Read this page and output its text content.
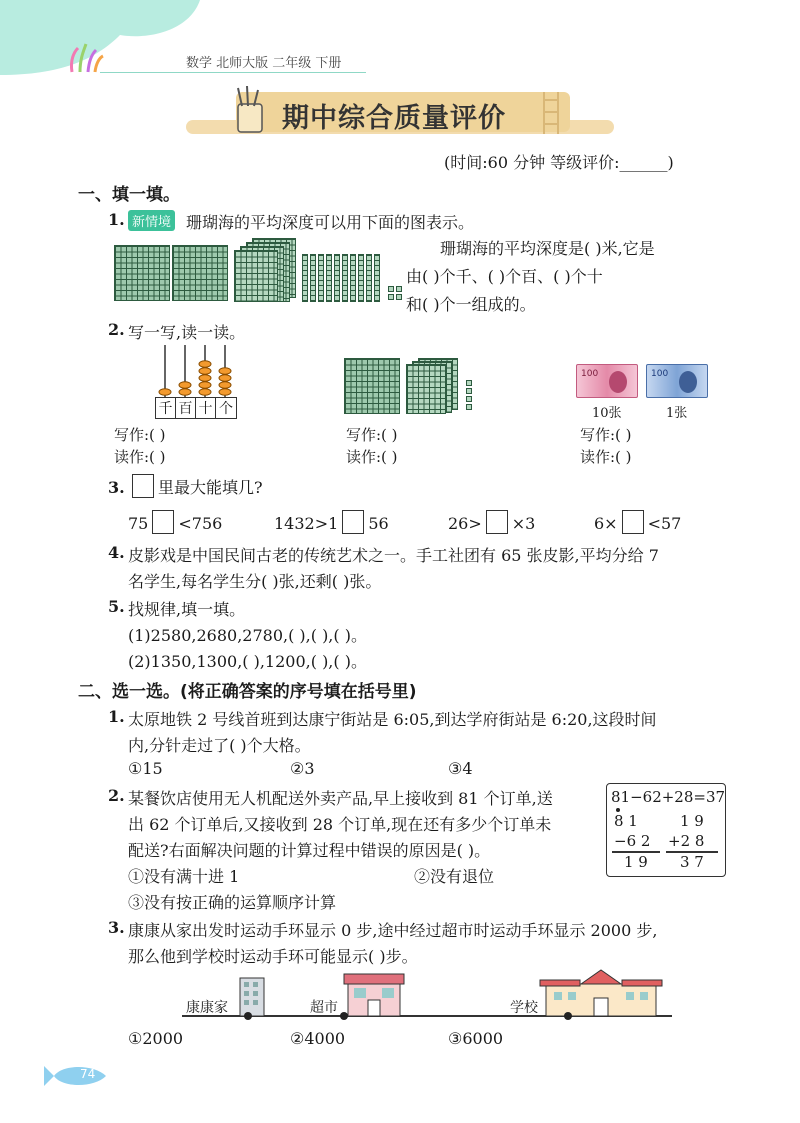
数学 北师大版 二年级 下册
期中综合质量评价
(时间:60 分钟 等级评价:______)
一、填一填。
1. 新情境 珊瑚海的平均深度可以用下面的图表示。
珊瑚海的平均深度是( )米,它是
由( )个千、( )个百、( )个十
和( )个一组成的。
2. 写一写,读一读。
千 百 十 个
写作:( )
读作:( )
写作:( )
读作:( )
100	100
10张	1张
写作:( )
读作:( )
3.	里最大能填几?
75 <756	1432>1 56	26> ×3	6× <57
4. 皮影戏是中国民间古老的传统艺术之一。手工社团有 65 张皮影,平均分给 7
名学生,每名学生分( )张,还剩( )张。
5. 找规律,填一填。
(1)2580,2680,2780,( ),( ),( )。
(2)1350,1300,( ),1200,( ),( )。
二、选一选。(将正确答案的序号填在括号里)
1. 太原地铁 2 号线首班到达康宁街站是 6:05,到达学府街站是 6:20,这段时间
内,分针走过了( )个大格。
①15	②3	③4
2. 某餐饮店使用无人机配送外卖产品,早上接收到 81 个订单,送
出 62 个订单后,又接收到 28 个订单,现在还有多少个订单未
配送?右面解决问题的计算过程中错误的原因是( )。
①没有满十进 1	②没有退位
③没有按正确的运算顺序计算
81−62+28=37
8 1
−6 2
1 9
1 9
+2 8
3 7
3. 康康从家出发时运动手环显示 0 步,途中经过超市时运动手环显示 2000 步,
那么他到学校时运动手环可能显示( )步。
康康家	超市	学校
①2000	②4000	③6000
74
